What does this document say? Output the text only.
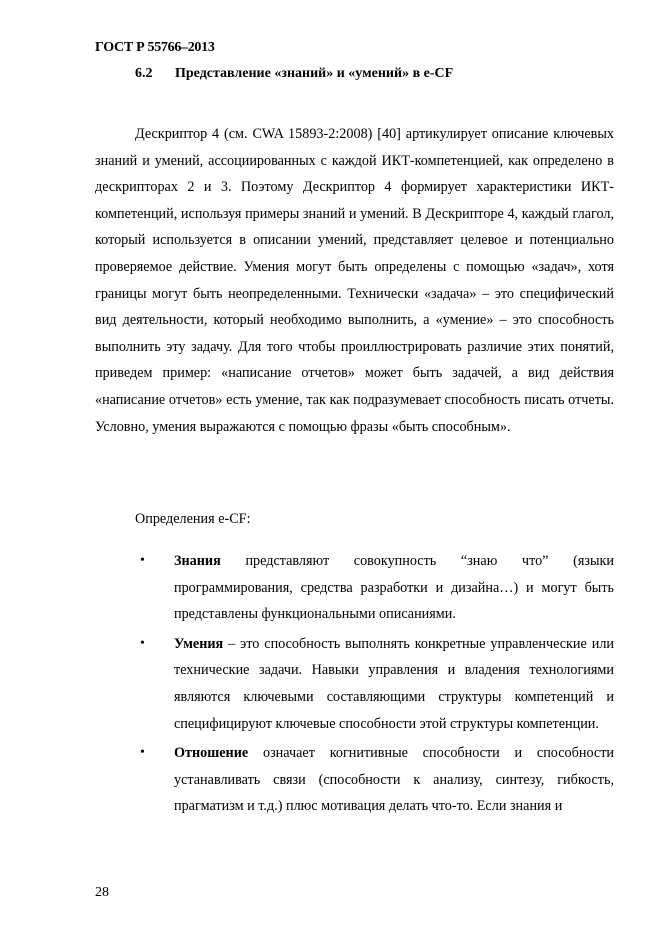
ГОСТ Р 55766–2013
6.2 Представление «знаний» и «умений» в e-CF
Дескриптор 4 (см. CWA 15893-2:2008) [40] артикулирует описание ключевых знаний и умений, ассоциированных с каждой ИКТ-компетенцией, как определено в дескрипторах 2 и 3. Поэтому Дескриптор 4 формирует характеристики ИКТ-компетенций, используя примеры знаний и умений. В Дескрипторе 4, каждый глагол, который используется в описании умений, представляет целевое и потенциально проверяемое действие. Умения могут быть определены с помощью «задач», хотя границы могут быть неопределенными. Технически «задача» – это специфический вид деятельности, который необходимо выполнить, а «умение» – это способность выполнить эту задачу. Для того чтобы проиллюстрировать различие этих понятий, приведем пример: «написание отчетов» может быть задачей, а вид действия «написание отчетов» есть умение, так как подразумевает способность писать отчеты. Условно, умения выражаются с помощью фразы «быть способным».
Определения e-CF:
• Знания представляют совокупность “знаю что” (языки программирования, средства разработки и дизайна…) и могут быть представлены функциональными описаниями.
• Умения – это способность выполнять конкретные управленческие или технические задачи. Навыки управления и владения технологиями являются ключевыми составляющими структуры компетенций и специфицируют ключевые способности этой структуры компетенции.
• Отношение означает когнитивные способности и способности устанавливать связи (способности к анализу, синтезу, гибкость, прагматизм и т.д.) плюс мотивация делать что-то. Если знания и
28
